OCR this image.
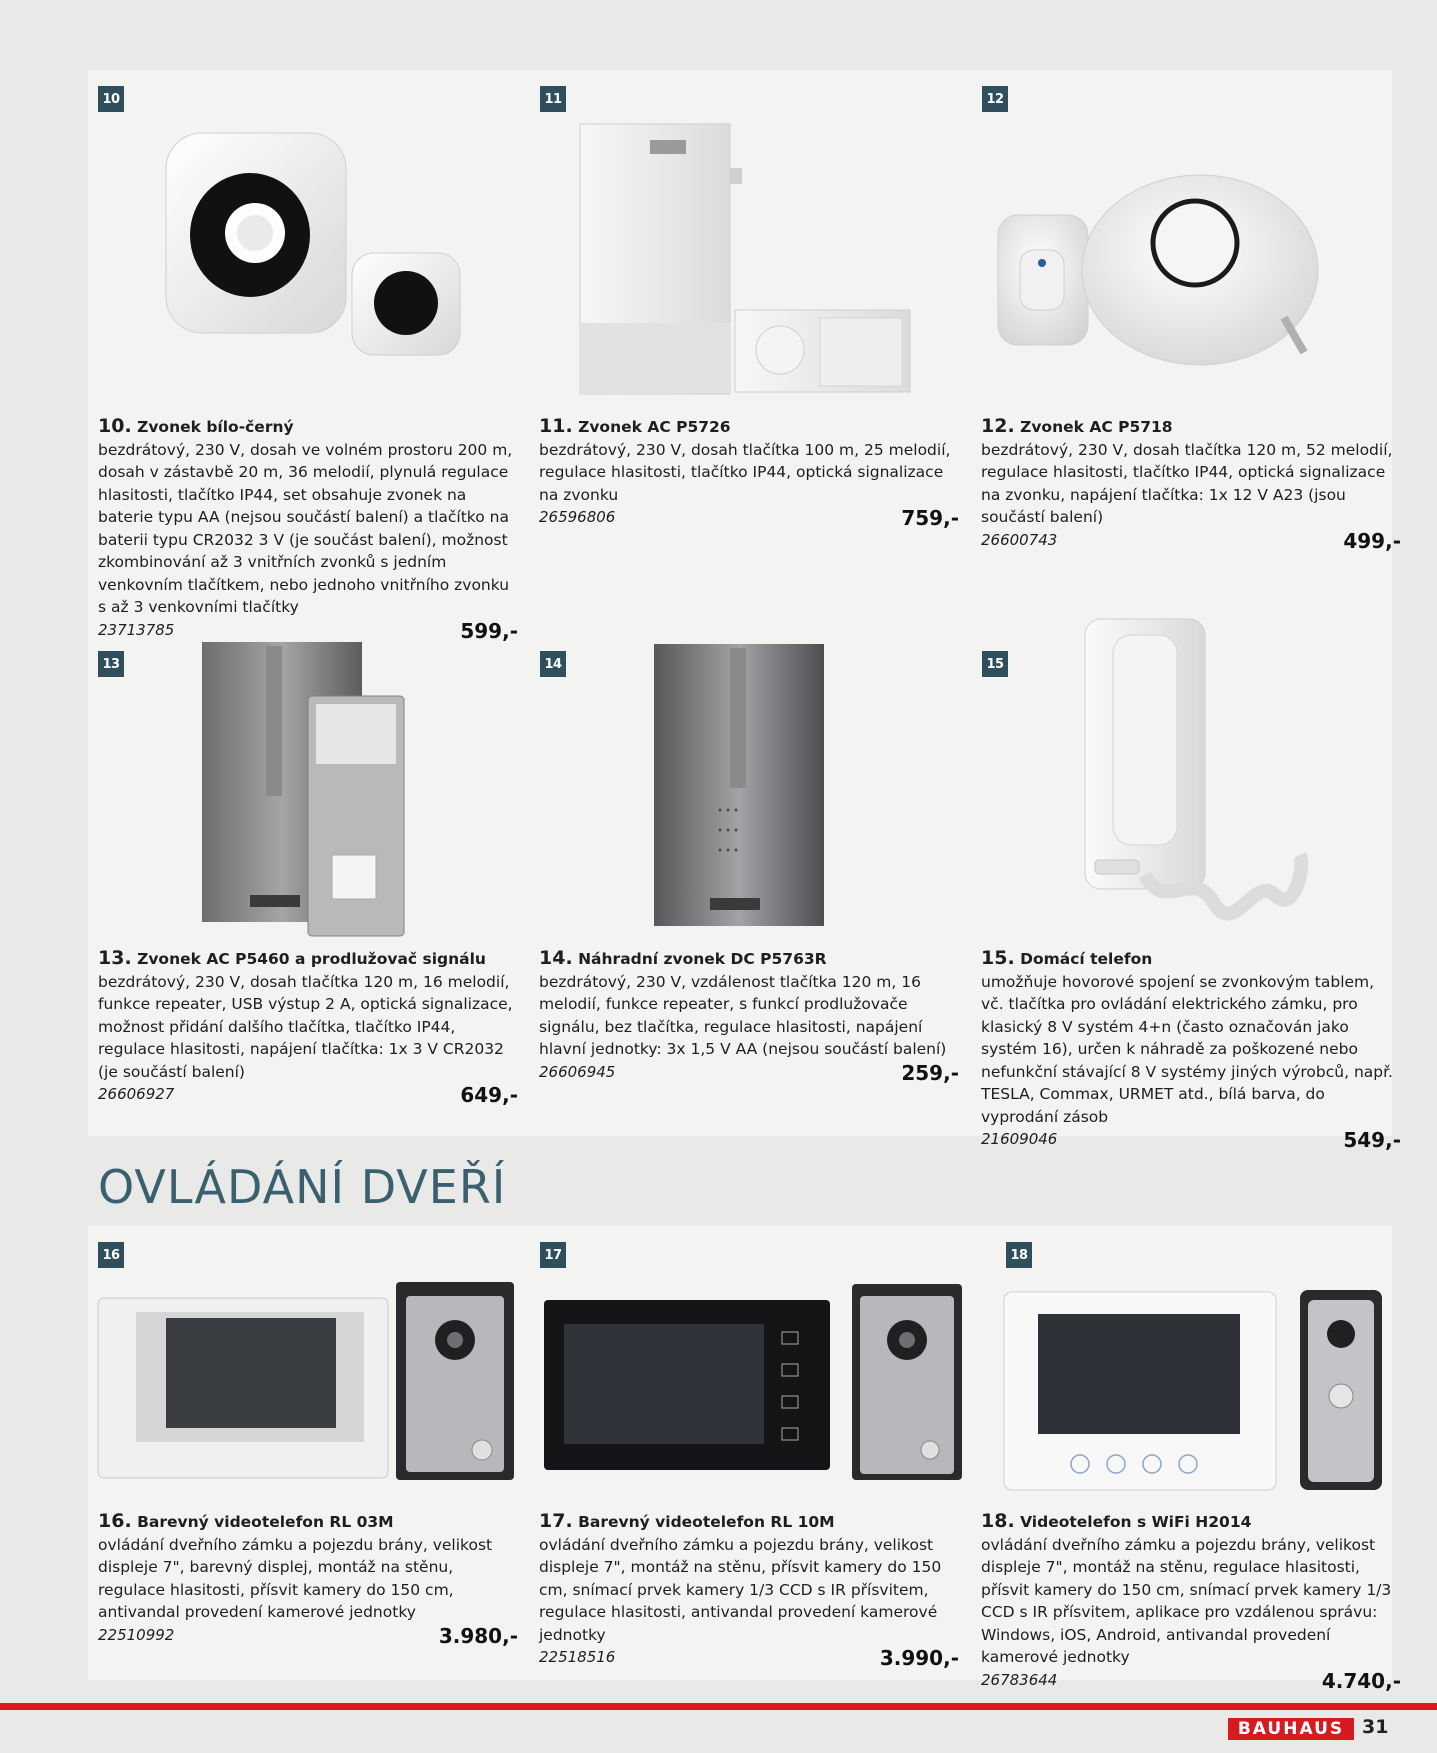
OVLÁDÁNÍ DVEŘÍ
10
10. Zvonek bílo-černý
bezdrátový, 230 V, dosah ve volném prostoru 200 m, dosah v zástavbě 20 m, 36 melodií, plynulá regulace hlasitosti, tlačítko IP44, set obsahuje zvonek na baterie typu AA (nejsou součástí balení) a tlačítko na baterii typu CR2032 3 V (je součást balení), možnost zkombinování až 3 vnitřních zvonků s jedním venkovním tlačítkem, nebo jednoho vnitřního zvonku s až 3 venkovními tlačítky
23713785	599,-
11
11. Zvonek AC P5726
bezdrátový, 230 V, dosah tlačítka 100 m, 25 melodií, regulace hlasitosti, tlačítko IP44, optická signalizace na zvonku
26596806	759,-
12
12. Zvonek AC P5718
bezdrátový, 230 V, dosah tlačítka 120 m, 52 melodií, regulace hlasitosti, tlačítko IP44, optická signalizace na zvonku, napájení tlačítka: 1x 12 V A23 (jsou součástí balení)
26600743	499,-
13
13. Zvonek AC P5460 a prodlužovač signálu
bezdrátový, 230 V, dosah tlačítka 120 m, 16 melodií, funkce repeater, USB výstup 2 A, optická signalizace, možnost přidání dalšího tlačítka, tlačítko IP44, regulace hlasitosti, napájení tlačítka: 1x 3 V CR2032 (je součástí balení)
26606927	649,-
14
14. Náhradní zvonek DC P5763R
bezdrátový, 230 V, vzdálenost tlačítka 120 m, 16 melodií, funkce repeater, s funkcí prodlužovače signálu, bez tlačítka, regulace hlasitosti, napájení hlavní jednotky: 3x 1,5 V AA (nejsou součástí balení)
26606945	259,-
15
15. Domácí telefon
umožňuje hovorové spojení se zvonkovým tablem, vč. tlačítka pro ovládání elektrického zámku, pro klasický 8 V systém 4+n (často označován jako systém 16), určen k náhradě za poškozené nebo nefunkční stávající 8 V systémy jiných výrobců, např. TESLA, Commax, URMET atd., bílá barva, do vyprodání zásob
21609046	549,-
16
16. Barevný videotelefon RL 03M
ovládání dveřního zámku a pojezdu brány, velikost displeje 7", barevný displej, montáž na stěnu, regulace hlasitosti, přísvit kamery do 150 cm, antivandal provedení kamerové jednotky
22510992	3.980,-
17
17. Barevný videotelefon RL 10M
ovládání dveřního zámku a pojezdu brány, velikost displeje 7", montáž na stěnu, přísvit kamery do 150 cm, snímací prvek kamery 1/3 CCD s IR přísvitem, regulace hlasitosti, antivandal provedení kamerové jednotky
22518516	3.990,-
18
18. Videotelefon s WiFi H2014
ovládání dveřního zámku a pojezdu brány, velikost displeje 7", montáž na stěnu, regulace hlasitosti, přísvit kamery do 150 cm, snímací prvek kamery 1/3 CCD s IR přísvitem, aplikace pro vzdálenou správu: Windows, iOS, Android, antivandal provedení kamerové jednotky
26783644	4.740,-
BAUHAUS 31
